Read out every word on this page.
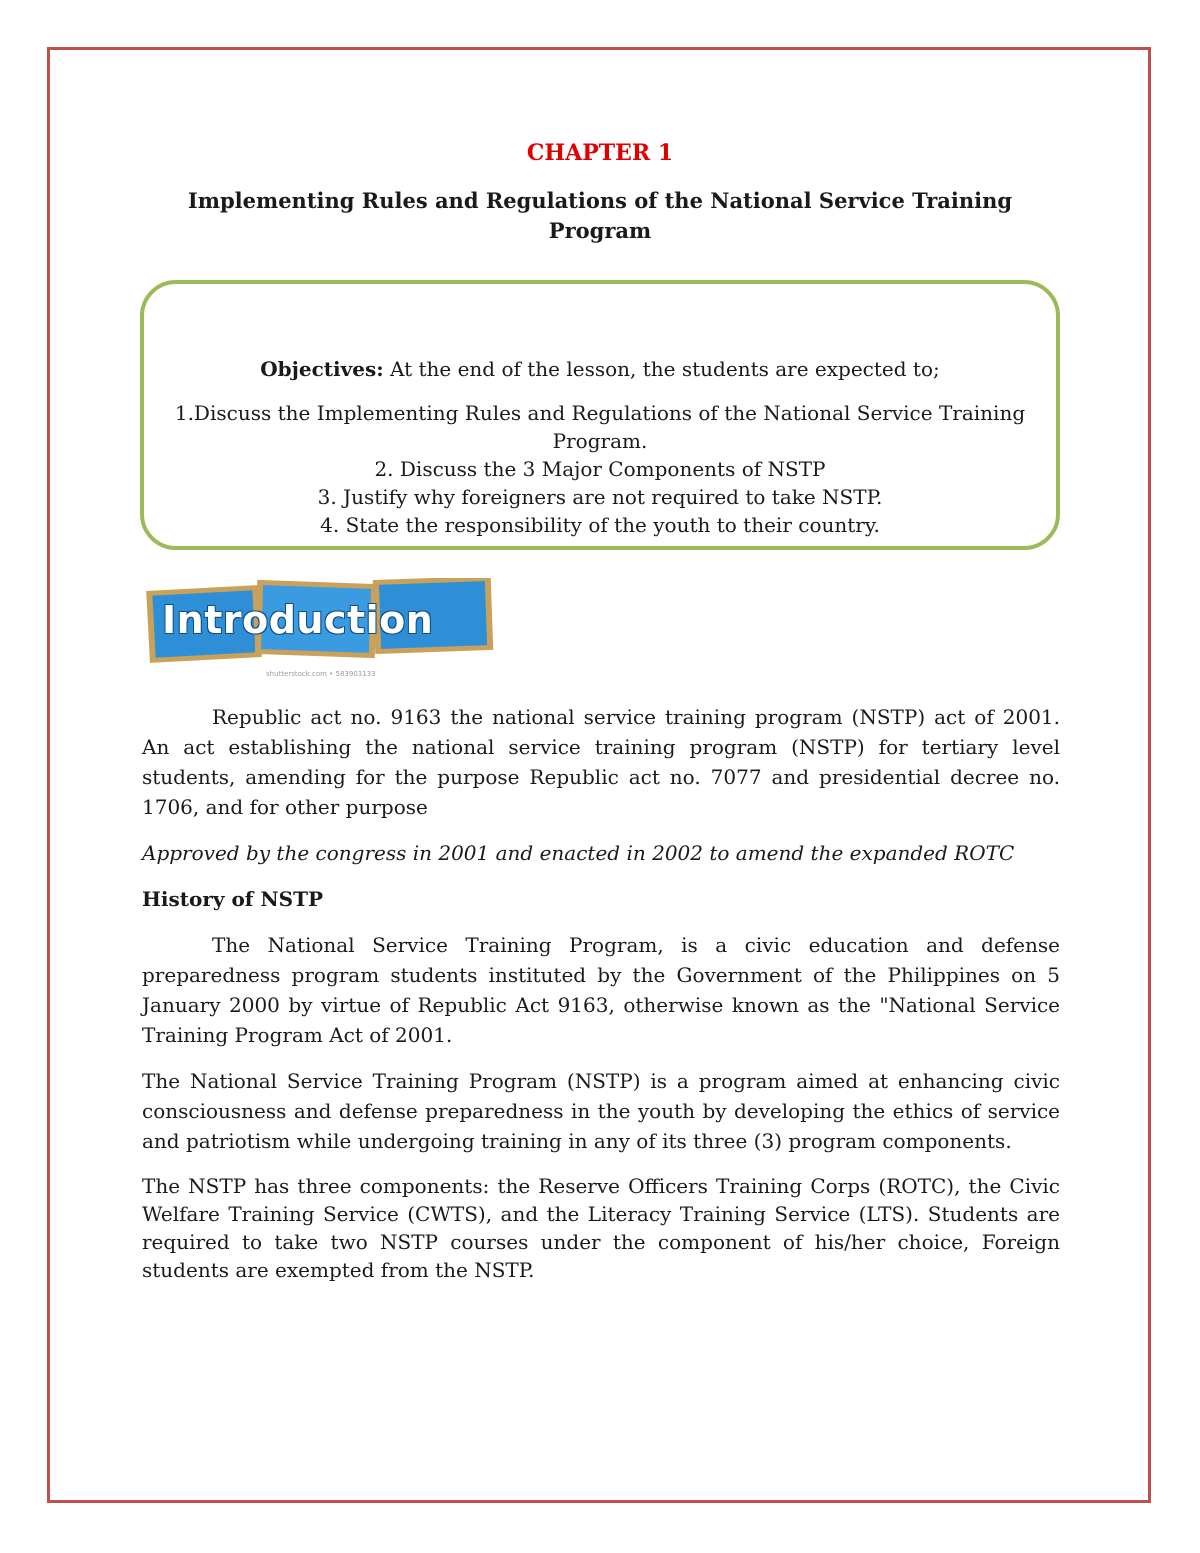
CHAPTER 1
Implementing Rules and Regulations of the National Service Training Program

Objectives: At the end of the lesson, the students are expected to;

1.Discuss the Implementing Rules and Regulations of the National Service Training Program.

2. Discuss the 3 Major Components of NSTP

3. Justify why foreigners are not required to take NSTP.

4. State the responsibility of the youth to their country.

shutterstock.com • 583903133
Introduction

Republic act no. 9163 the national service training program (NSTP) act of 2001. An act establishing the national service training program (NSTP) for tertiary level students, amending for the purpose Republic act no. 7077 and presidential decree no. 1706, and for other purpose

Approved by the congress in 2001 and enacted in 2002 to amend the expanded ROTC

History of NSTP

The National Service Training Program, is a civic education and defense preparedness program students instituted by the Government of the Philippines on 5 January 2000 by virtue of Republic Act 9163, otherwise known as the "National Service Training Program Act of 2001.

The National Service Training Program (NSTP) is a program aimed at enhancing civic consciousness and defense preparedness in the youth by developing the ethics of service and patriotism while undergoing training in any of its three (3) program components.

The NSTP has three components: the Reserve Officers Training Corps (ROTC), the Civic Welfare Training Service (CWTS), and the Literacy Training Service (LTS). Students are required to take two NSTP courses under the component of his/her choice, Foreign students are exempted from the NSTP.
